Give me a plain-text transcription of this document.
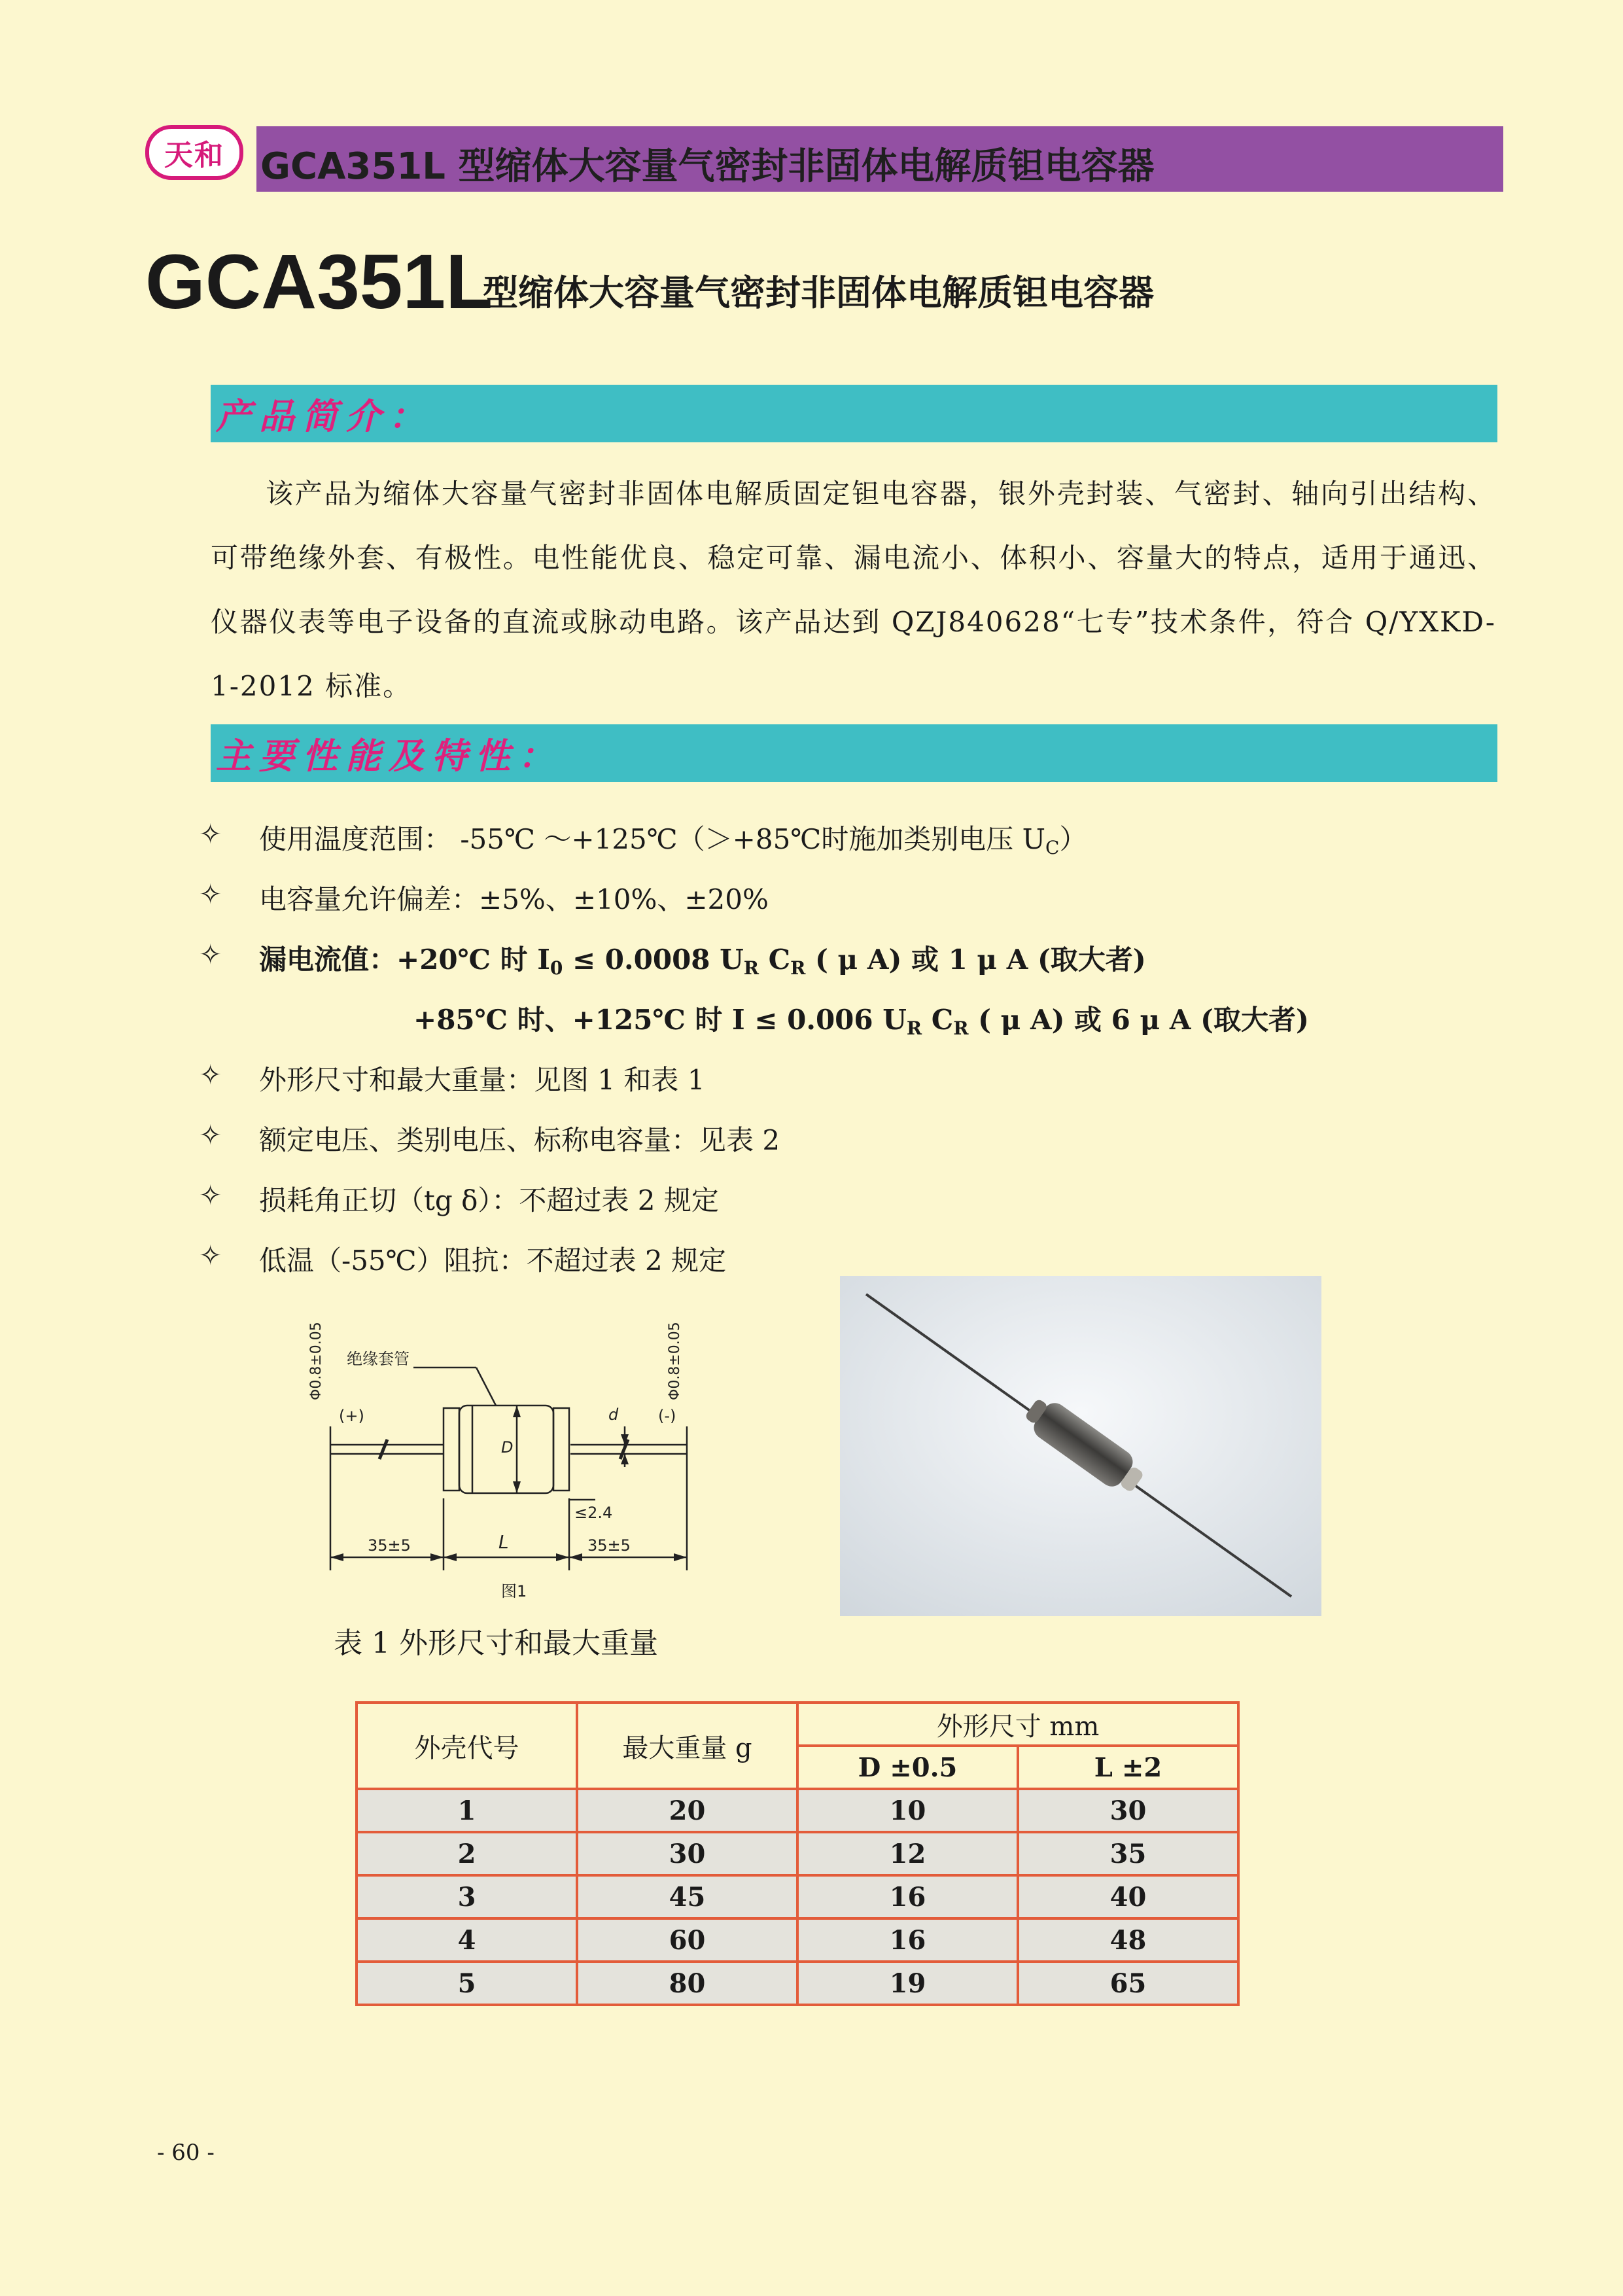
天和 GCA351L 型缩体大容量气密封非固体电解质钽电容器
GCA351L
型缩体大容量气密封非固体电解质钽电容器
产品简介：
该产品为缩体大容量气密封非固体电解质固定钽电容器，银外壳封装、气密封、轴向引出结构、可带绝缘外套、有极性。电性能优良、稳定可靠、漏电流小、体积小、容量大的特点，适用于通迅、仪器仪表等电子设备的直流或脉动电路。该产品达到 QZJ840628“七专”技术条件，符合 Q/YXKD-1-2012 标准。
主要性能及特性：
✧ 使用温度范围： -55℃ ～+125℃（＞+85℃时施加类别电压 $U_C$）
✧ 电容量允许偏差：±5%、±10%、±20%
✧ 漏电流值：+20℃ 时 $I_0 \le 0.0008$ $U_R$ $C_R$ ( μ A) 或 1 μ A (取大者)
+85℃ 时、+125℃ 时 I ≤ 0.006 $U_R$ $C_R$ ( μ A) 或 6 μ A (取大者)
✧ 外形尺寸和最大重量：见图 1 和表 1
✧ 额定电压、类别电压、标称电容量：见表 2
✧ 损耗角正切（tg δ）：不超过表 2 规定
✧ 低温（-55℃）阻抗：不超过表 2 规定
Φ0.8±0.05	Φ0.8±0.05
绝缘套管
(+)	(-)
D
d
≤2.4
35±5	L	35±5
图1
表 1 外形尺寸和最大重量
外壳代号	最大重量 g	外形尺寸 mm	
		D ±0.5	L ±2
1	20	10	30
2	30	12	35
3	45	16	40
4	60	16	48
5	80	19	65
- 60 -
